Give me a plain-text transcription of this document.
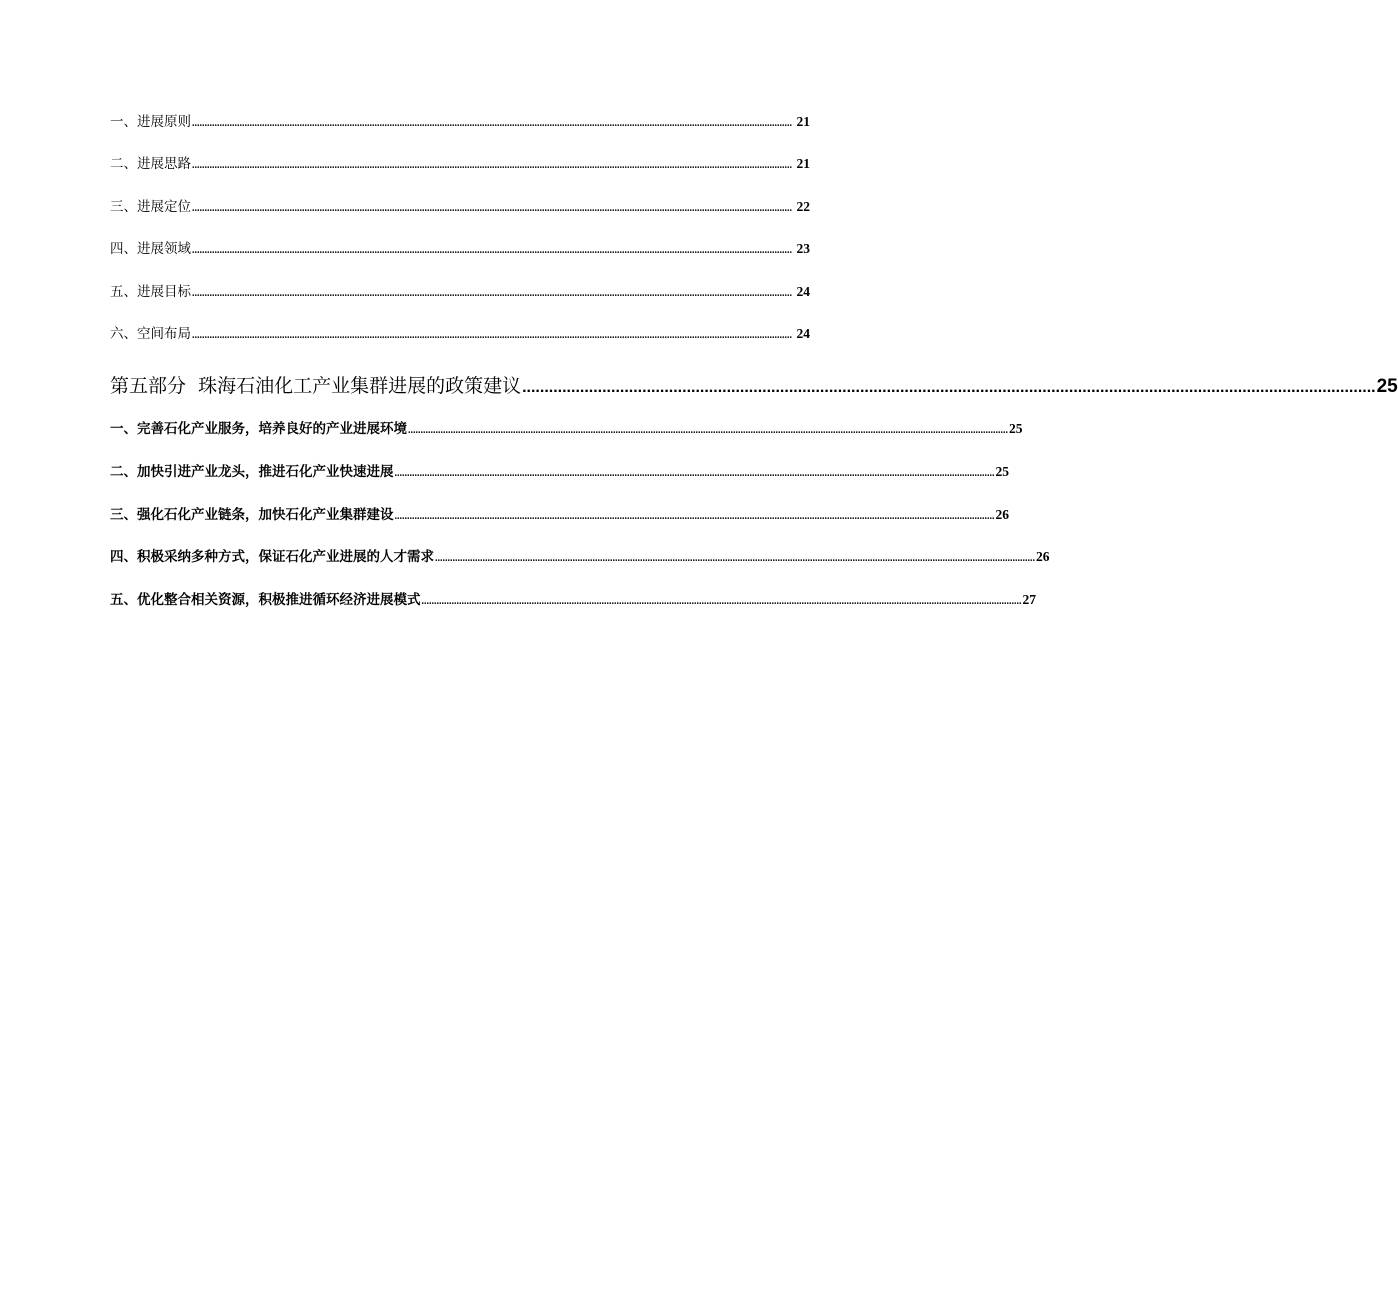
一、进展原则 ................................................................................................................................................................................................................................................ 21
二、进展思路 ................................................................................................................................................................................................................................................ 21
三、进展定位 ................................................................................................................................................................................................................................................ 22
四、进展领域 ................................................................................................................................................................................................................................................ 23
五、进展目标 ................................................................................................................................................................................................................................................ 24
六、空间布局 ................................................................................................................................................................................................................................................ 24
第五部分  珠海石油化工产业集群进展的政策建议 ................................................................................................................................................................................................ 25
一、完善石化产业服务，培养良好的产业进展环境 ................................................................................................................................................................................................................................................ 25
二、加快引进产业龙头，推进石化产业快速进展 ................................................................................................................................................................................................................................................ 25
三、强化石化产业链条，加快石化产业集群建设 ................................................................................................................................................................................................................................................ 26
四、积极采纳多种方式，保证石化产业进展的人才需求 ................................................................................................................................................................................................................................................ 26
五、优化整合相关资源，积极推进循环经济进展模式 ................................................................................................................................................................................................................................................ 27
